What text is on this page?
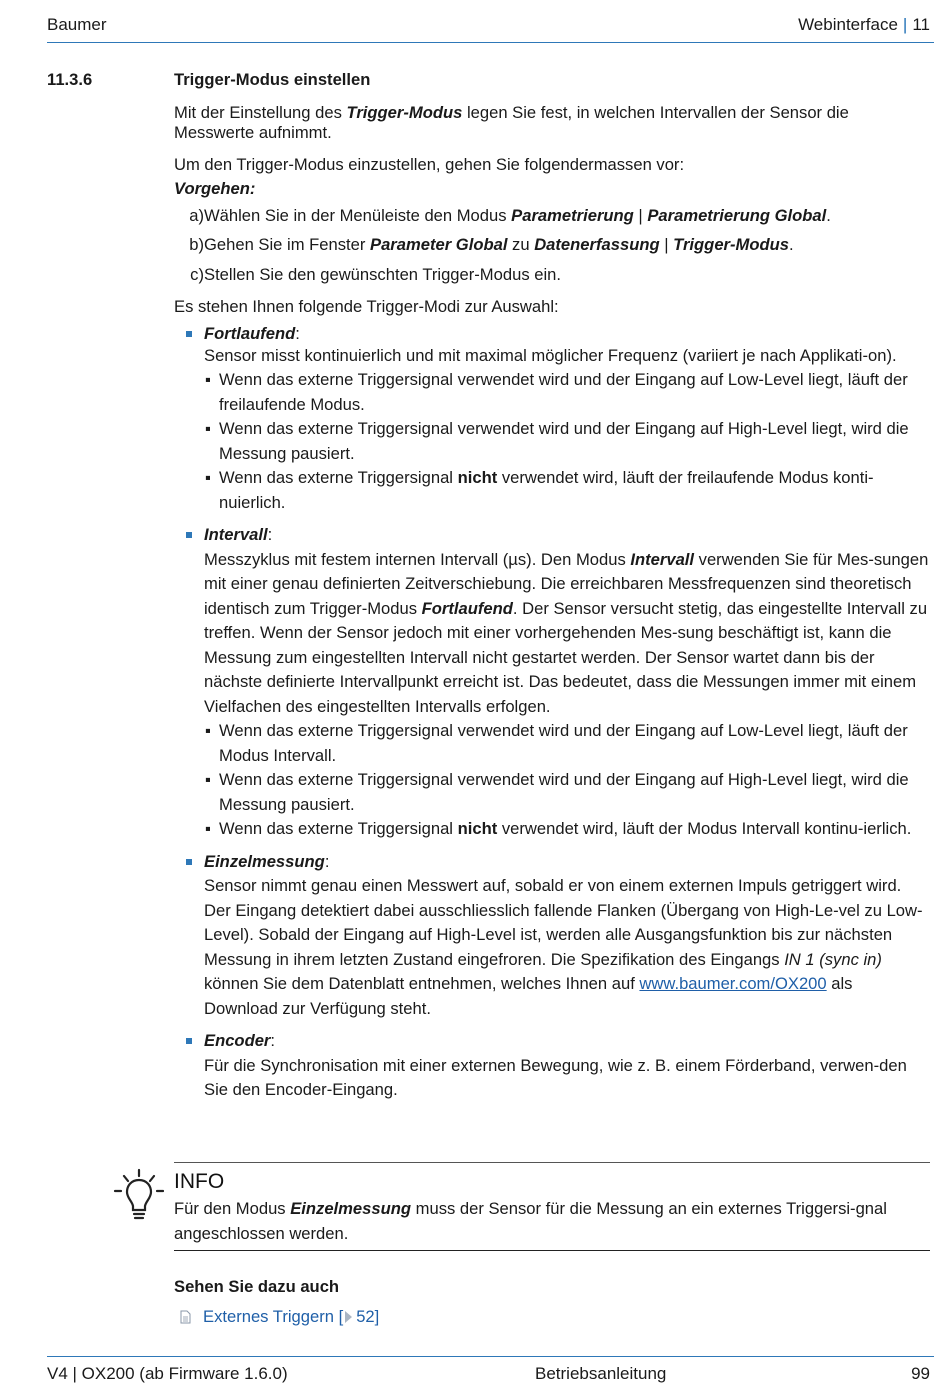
Baumer	Webinterface | 11
11.3.6	Trigger-Modus einstellen

Mit der Einstellung des Trigger-Modus legen Sie fest, in welchen Intervallen der Sensor die Messwerte aufnimmt.

Um den Trigger-Modus einzustellen, gehen Sie folgendermassen vor:

Vorgehen:

a) Wählen Sie in der Menüleiste den Modus Parametrierung | Parametrierung Global.
b) Gehen Sie im Fenster Parameter Global zu Datenerfassung | Trigger-Modus.
c) Stellen Sie den gewünschten Trigger-Modus ein.

Es stehen Ihnen folgende Trigger-Modi zur Auswahl:

Fortlaufend:
Sensor misst kontinuierlich und mit maximal möglicher Frequenz (variiert je nach Applikati-on).
▪ Wenn das externe Triggersignal verwendet wird und der Eingang auf Low-Level liegt, läuft der freilaufende Modus.
▪ Wenn das externe Triggersignal verwendet wird und der Eingang auf High-Level liegt, wird die Messung pausiert.
▪ Wenn das externe Triggersignal nicht verwendet wird, läuft der freilaufende Modus konti-nuierlich.
Intervall:
Messzyklus mit festem internen Intervall (µs). Den Modus Intervall verwenden Sie für Mes-sungen mit einer genau definierten Zeitverschiebung. Die erreichbaren Messfrequenzen sind theoretisch identisch zum Trigger-Modus Fortlaufend. Der Sensor versucht stetig, das eingestellte Intervall zu treffen. Wenn der Sensor jedoch mit einer vorhergehenden Mes-sung beschäftigt ist, kann die Messung zum eingestellten Intervall nicht gestartet werden. Der Sensor wartet dann bis der nächste definierte Intervallpunkt erreicht ist. Das bedeutet, dass die Messungen immer mit einem Vielfachen des eingestellten Intervalls erfolgen.
▪ Wenn das externe Triggersignal verwendet wird und der Eingang auf Low-Level liegt, läuft der Modus Intervall.
▪ Wenn das externe Triggersignal verwendet wird und der Eingang auf High-Level liegt, wird die Messung pausiert.
▪ Wenn das externe Triggersignal nicht verwendet wird, läuft der Modus Intervall kontinu-ierlich.
Einzelmessung:
Sensor nimmt genau einen Messwert auf, sobald er von einem externen Impuls getriggert wird. Der Eingang detektiert dabei ausschliesslich fallende Flanken (Übergang von High-Le-vel zu Low-Level). Sobald der Eingang auf High-Level ist, werden alle Ausgangsfunktion bis zur nächsten Messung in ihrem letzten Zustand eingefroren. Die Spezifikation des Eingangs IN 1 (sync in) können Sie dem Datenblatt entnehmen, welches Ihnen auf www.baumer.com/OX200 als Download zur Verfügung steht.
Encoder:
Für die Synchronisation mit einer externen Bewegung, wie z. B. einem Förderband, verwen-den Sie den Encoder-Eingang.
INFO
Für den Modus Einzelmessung muss der Sensor für die Messung an ein externes Triggersi-gnal angeschlossen werden.
Sehen Sie dazu auch
Externes Triggern [ 52]
V4 | OX200 (ab Firmware 1.6.0)	Betriebsanleitung	99
